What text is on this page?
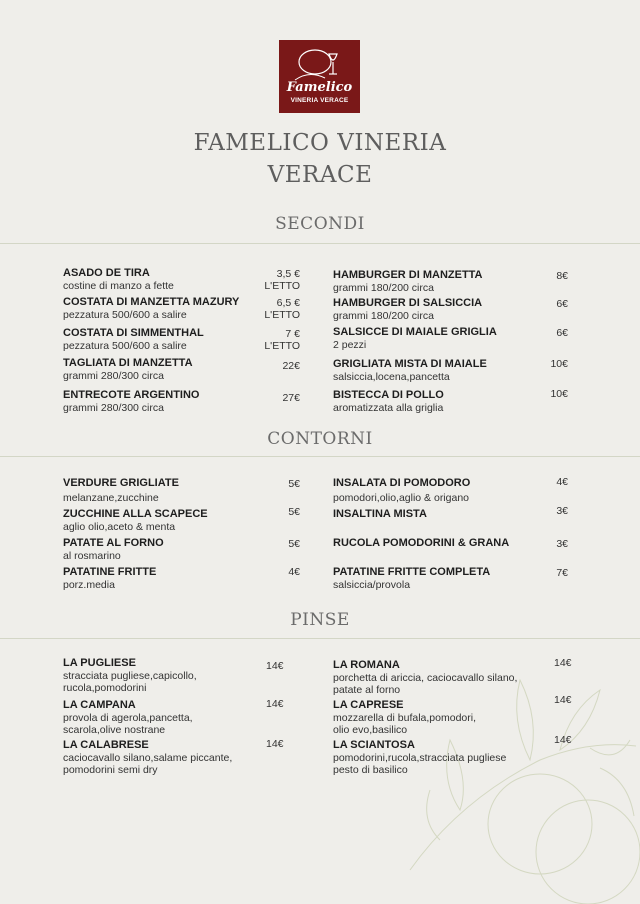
Famelico
VINERIA VERACE
FAMELICO VINERIA
VERACE
SECONDI
ASADO DE TIRA
costine di manzo a fette
3,5 €
L'ETTO
COSTATA DI MANZETTA MAZURY
pezzatura 500/600 a salire
6,5 €
L'ETTO
COSTATA DI SIMMENTHAL
pezzatura 500/600 a salire
7 €
L'ETTO
TAGLIATA DI MANZETTA
grammi 280/300 circa
22€
ENTRECOTE ARGENTINO
grammi 280/300 circa
27€
HAMBURGER DI MANZETTA
grammi 180/200 circa
8€
HAMBURGER DI SALSICCIA
grammi 180/200 circa
6€
SALSICCE DI MAIALE GRIGLIA
2 pezzi
6€
GRIGLIATA MISTA DI MAIALE
salsiccia,locena,pancetta
10€
BISTECCA DI POLLO
aromatizzata alla griglia
10€
CONTORNI
VERDURE GRIGLIATE
melanzane,zucchine
5€
ZUCCHINE ALLA SCAPECE
aglio olio,aceto & menta
5€
PATATE AL FORNO
al rosmarino
5€
PATATINE FRITTE
porz.media
4€
INSALATA DI POMODORO
pomodori,olio,aglio & origano
4€
INSALTINA MISTA	3€
RUCOLA POMODORINI & GRANA	3€
PATATINE FRITTE COMPLETA
salsiccia/provola
7€
PINSE
LA PUGLIESE
stracciata pugliese,capicollo,
rucola,pomodorini
14€
LA CAMPANA
provola di agerola,pancetta,
scarola,olive nostrane
14€
LA CALABRESE
caciocavallo silano,salame piccante,
pomodorini semi dry
14€
LA ROMANA
porchetta di ariccia, caciocavallo silano,
patate al forno
14€
LA CAPRESE
mozzarella di bufala,pomodori,
olio evo,basilico
14€
LA SCIANTOSA
pomodorini,rucola,stracciata pugliese
pesto di basilico
14€
